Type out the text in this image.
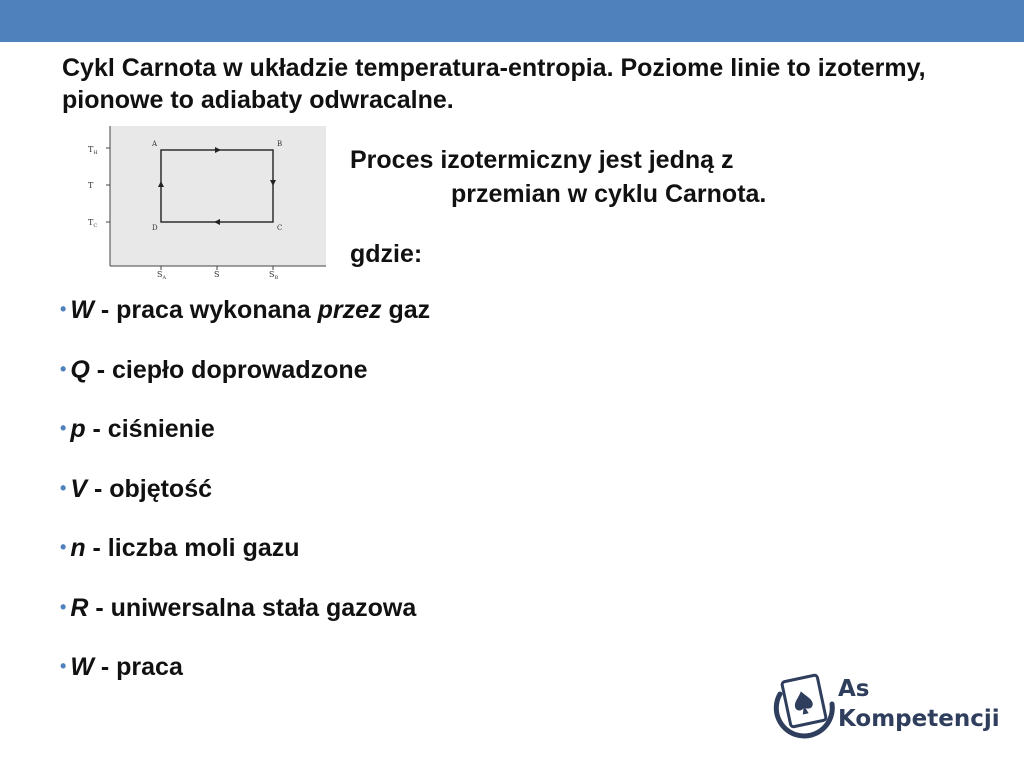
Cykl Carnota w układzie temperatura-entropia. Poziome linie to izotermy, pionowe to adiabaty odwracalne.
$T_H$
T
$T_C$
$S_A$	S	$S_B$
A	B
C
D
Proces izotermiczny jest jedną z
przemian w cyklu Carnota.
gdzie:
• W - praca wykonana przez gaz
• Q - ciepło doprowadzone
• p - ciśnienie
• V - objętość
• n - liczba moli gazu
• R - uniwersalna stała gazowa
• W - praca
As
Kompetencji
